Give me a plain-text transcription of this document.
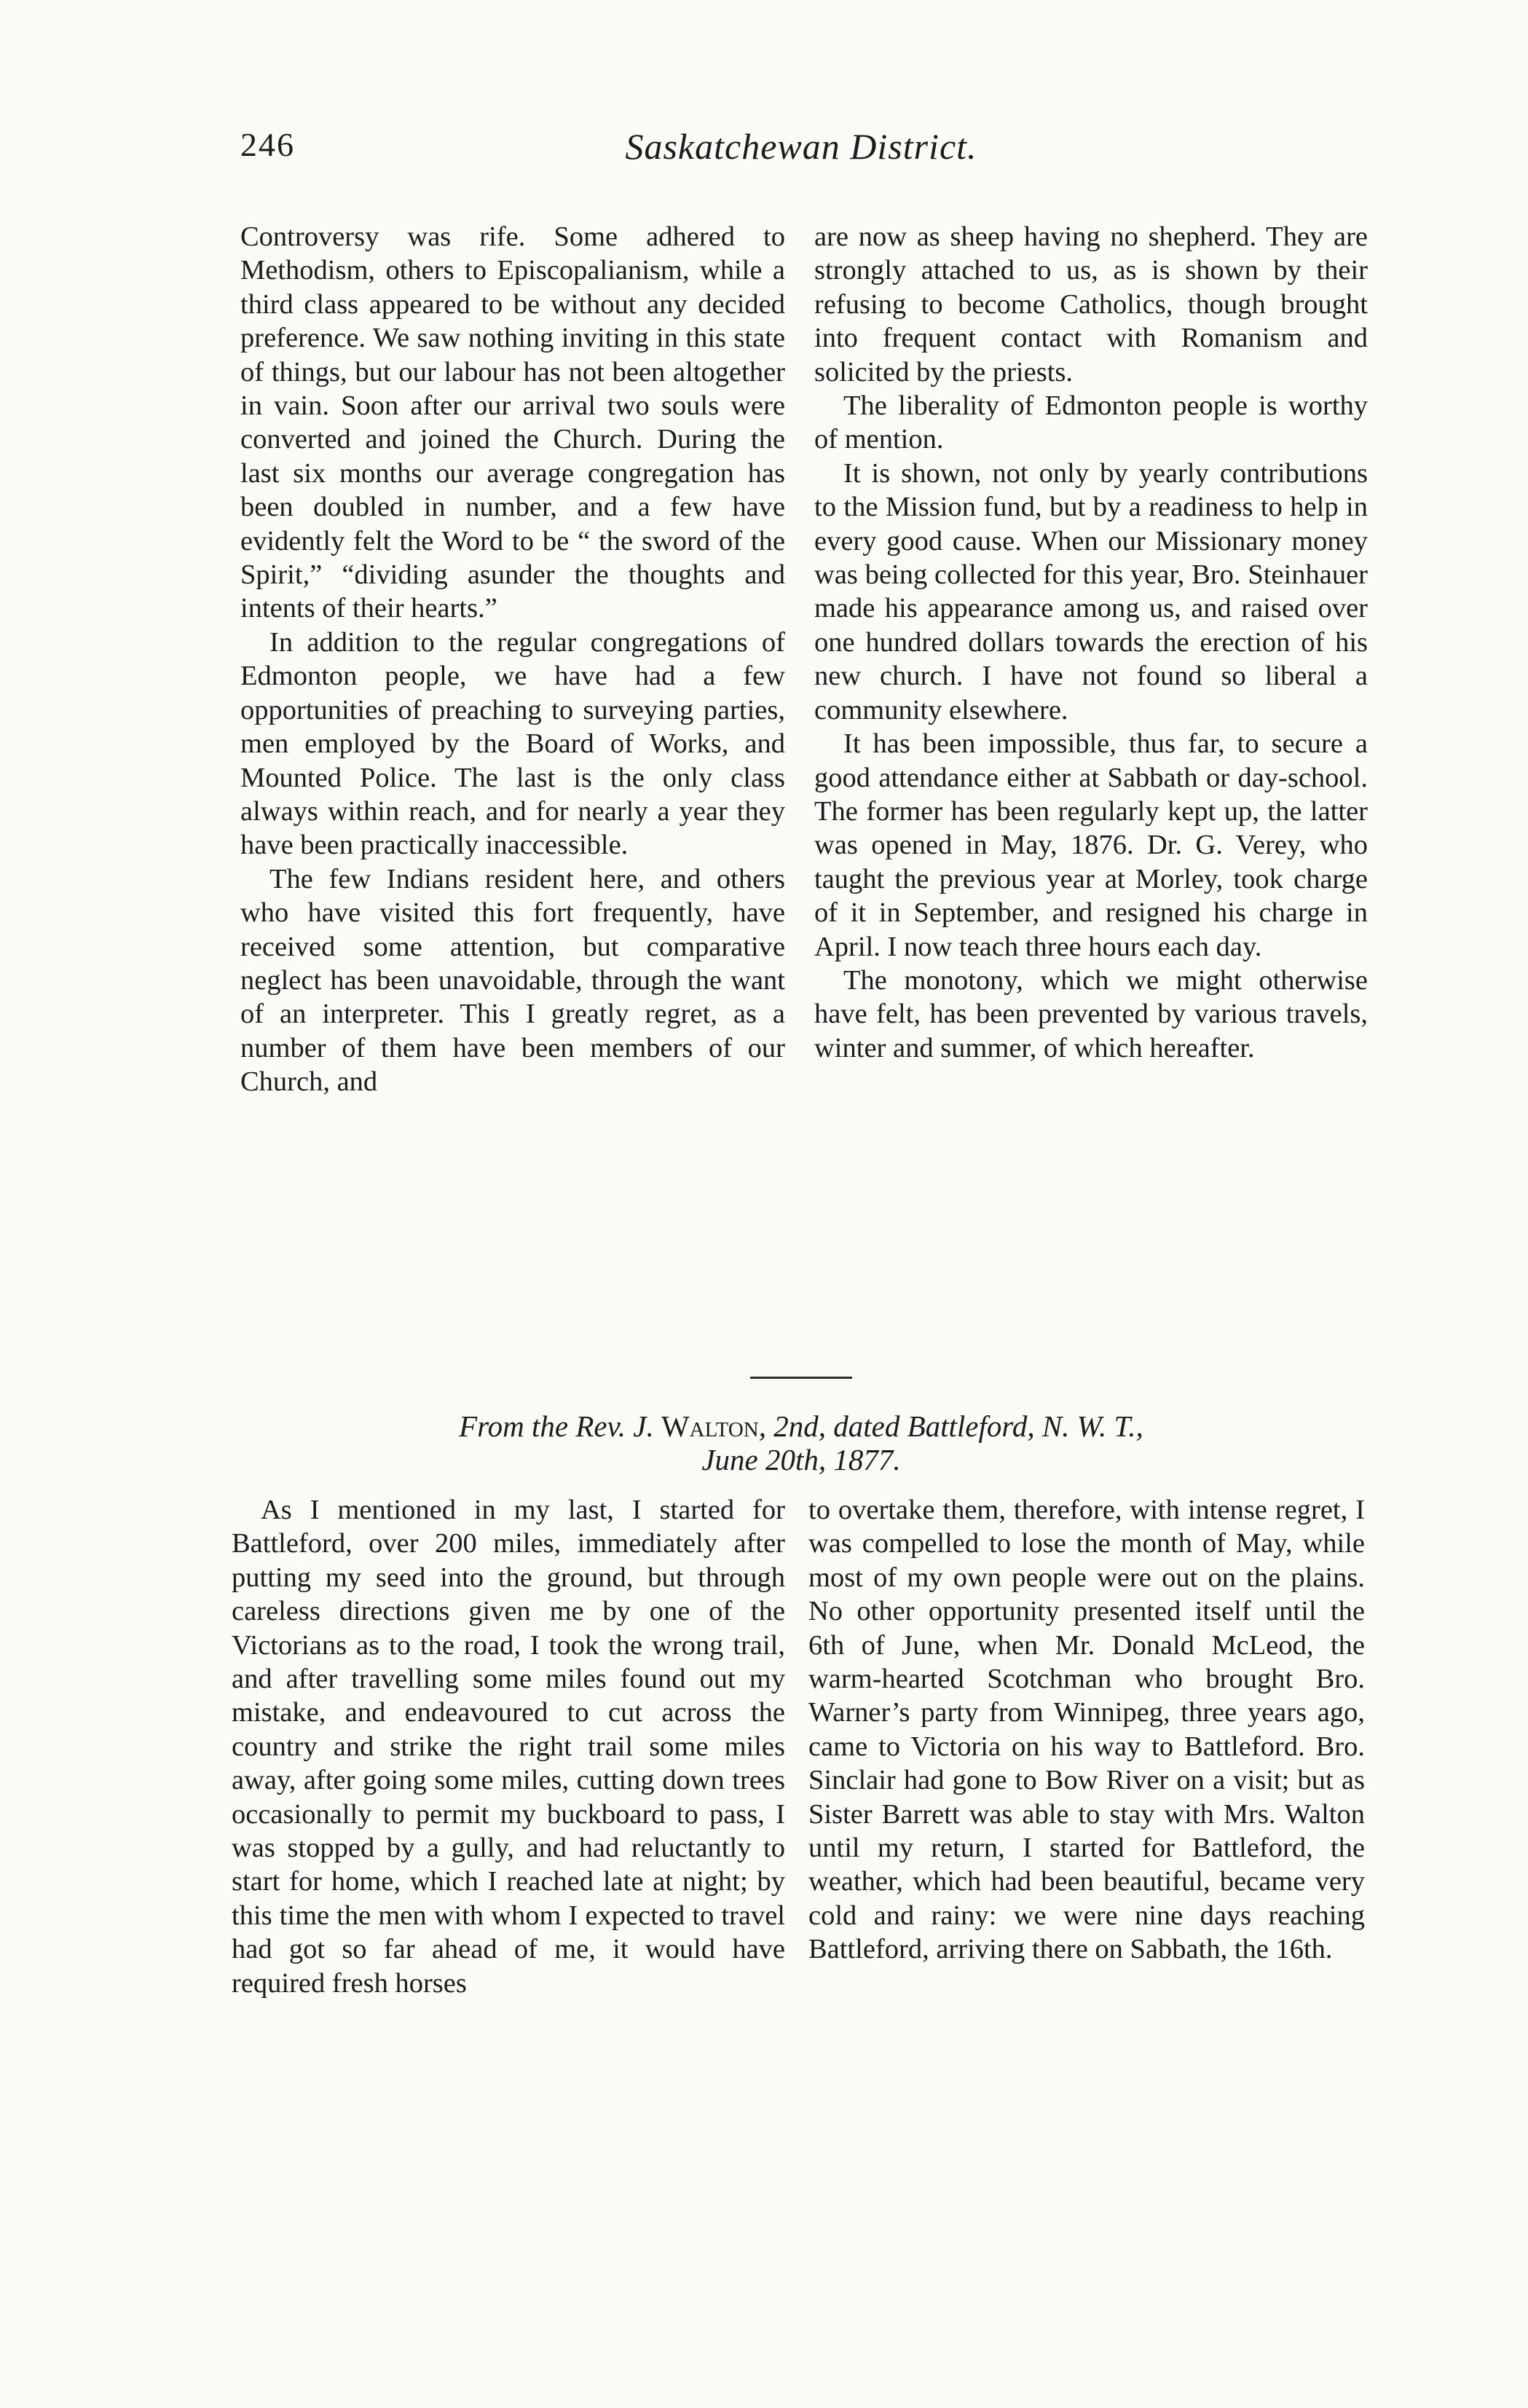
246	Saskatchewan District.

Controversy was rife. Some adhered to Methodism, others to Episcopalianism, while a third class appeared to be without any decided preference. We saw nothing inviting in this state of things, but our labour has not been altogether in vain. Soon after our arrival two souls were converted and joined the Church. During the last six months our average congregation has been doubled in number, and a few have evidently felt the Word to be “ the sword of the Spirit,” “dividing asunder the thoughts and intents of their hearts.”

In addition to the regular congregations of Edmonton people, we have had a few opportunities of preaching to surveying parties, men employed by the Board of Works, and Mounted Police. The last is the only class always within reach, and for nearly a year they have been practically inaccessible.

The few Indians resident here, and others who have visited this fort frequently, have received some attention, but comparative neglect has been unavoidable, through the want of an interpreter. This I greatly regret, as a number of them have been members of our Church, and

are now as sheep having no shepherd. They are strongly attached to us, as is shown by their refusing to become Catholics, though brought into frequent contact with Romanism and solicited by the priests.

The liberality of Edmonton people is worthy of mention.

It is shown, not only by yearly contributions to the Mission fund, but by a readiness to help in every good cause. When our Missionary money was being collected for this year, Bro. Steinhauer made his appearance among us, and raised over one hundred dollars towards the erection of his new church. I have not found so liberal a community elsewhere.

It has been impossible, thus far, to secure a good attendance either at Sabbath or day-school. The former has been regularly kept up, the latter was opened in May, 1876. Dr. G. Verey, who taught the previous year at Morley, took charge of it in September, and resigned his charge in April. I now teach three hours each day.

The monotony, which we might otherwise have felt, has been prevented by various travels, winter and summer, of which hereafter.

From the Rev. J. Walton, 2nd, dated Battleford, N. W. T.,
June 20th, 1877.

As I mentioned in my last, I started for Battleford, over 200 miles, immediately after putting my seed into the ground, but through careless directions given me by one of the Victorians as to the road, I took the wrong trail, and after travelling some miles found out my mistake, and endeavoured to cut across the country and strike the right trail some miles away, after going some miles, cutting down trees occasionally to permit my buckboard to pass, I was stopped by a gully, and had reluctantly to start for home, which I reached late at night; by this time the men with whom I expected to travel had got so far ahead of me, it would have required fresh horses

to overtake them, therefore, with intense regret, I was compelled to lose the month of May, while most of my own people were out on the plains. No other opportunity presented itself until the 6th of June, when Mr. Donald McLeod, the warm-hearted Scotchman who brought Bro. Warner’s party from Winnipeg, three years ago, came to Victoria on his way to Battleford. Bro. Sinclair had gone to Bow River on a visit; but as Sister Barrett was able to stay with Mrs. Walton until my return, I started for Battleford, the weather, which had been beautiful, became very cold and rainy: we were nine days reaching Battleford, arriving there on Sabbath, the 16th.
